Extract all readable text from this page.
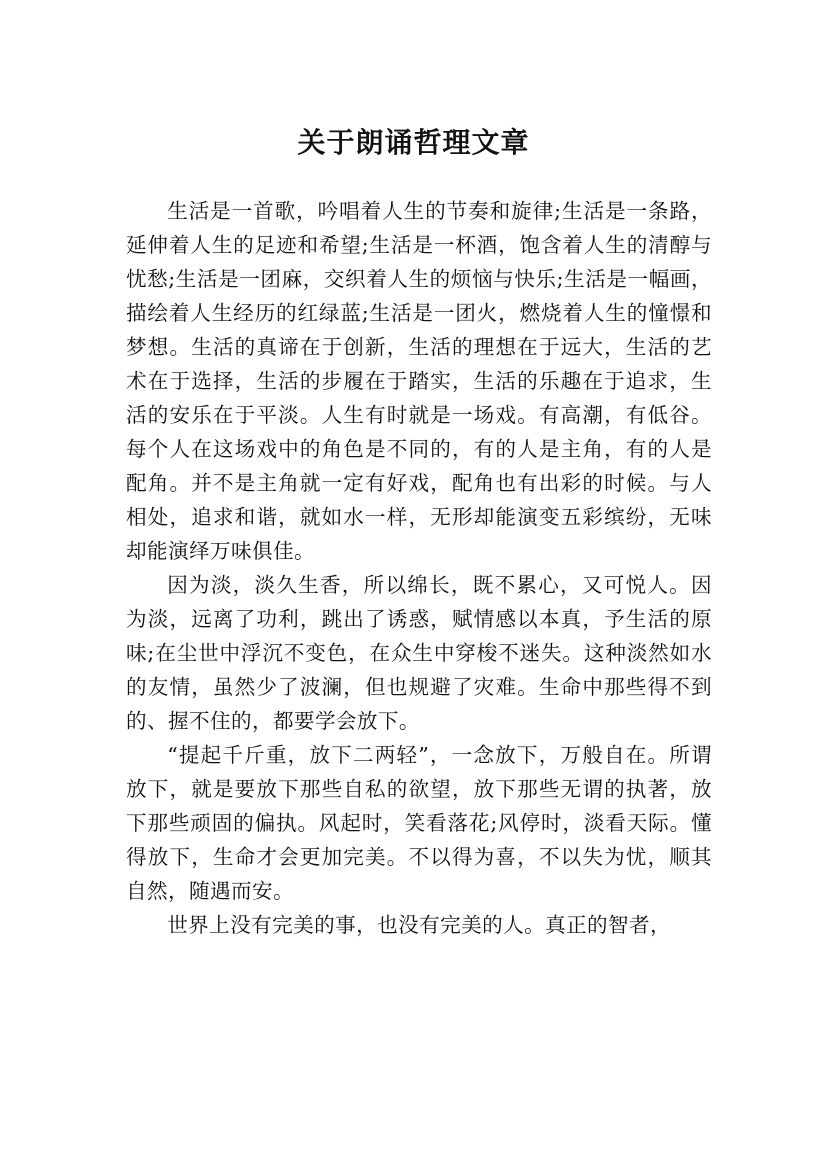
关于朗诵哲理文章

生活是一首歌，吟唱着人生的节奏和旋律;生活是一条路，延伸着人生的足迹和希望;生活是一杯酒，饱含着人生的清醇与忧愁;生活是一团麻，交织着人生的烦恼与快乐;生活是一幅画，描绘着人生经历的红绿蓝;生活是一团火，燃烧着人生的憧憬和梦想。生活的真谛在于创新，生活的理想在于远大，生活的艺术在于选择，生活的步履在于踏实，生活的乐趣在于追求，生活的安乐在于平淡。人生有时就是一场戏。有高潮，有低谷。每个人在这场戏中的角色是不同的，有的人是主角，有的人是配角。并不是主角就一定有好戏，配角也有出彩的时候。与人相处，追求和谐，就如水一样，无形却能演变五彩缤纷，无味却能演绎万味俱佳。

因为淡，淡久生香，所以绵长，既不累心，又可悦人。因为淡，远离了功利，跳出了诱惑，赋情感以本真，予生活的原味;在尘世中浮沉不变色，在众生中穿梭不迷失。这种淡然如水的友情，虽然少了波澜，但也规避了灾难。生命中那些得不到的、握不住的，都要学会放下。

“提起千斤重，放下二两轻”，一念放下，万般自在。所谓放下，就是要放下那些自私的欲望，放下那些无谓的执著，放下那些顽固的偏执。风起时，笑看落花;风停时，淡看天际。懂得放下，生命才会更加完美。不以得为喜，不以失为忧，顺其自然，随遇而安。

世界上没有完美的事，也没有完美的人。真正的智者，
